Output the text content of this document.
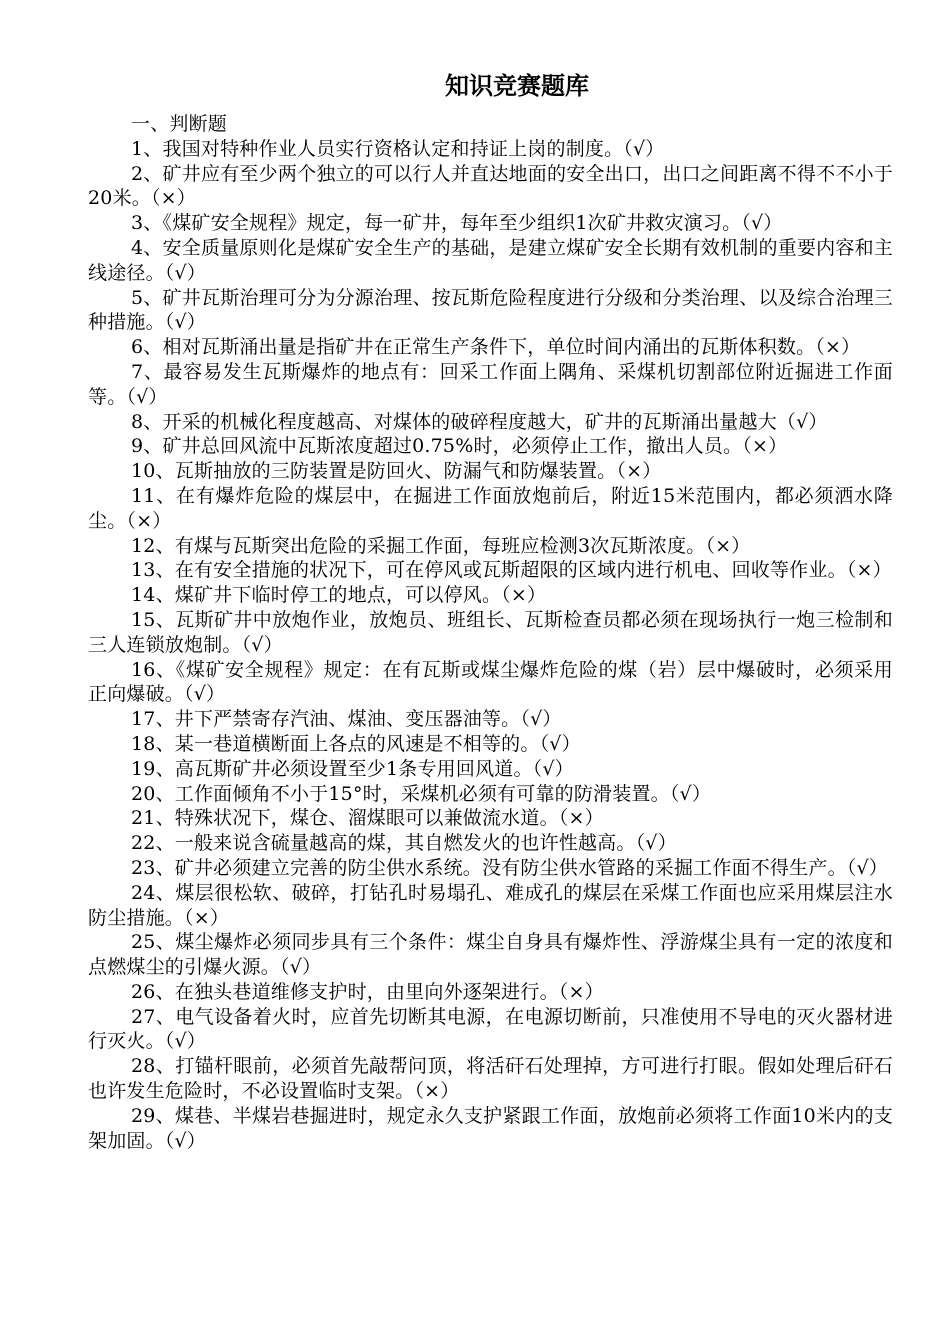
知识竞赛题库

一、判断题

1、我国对特种作业人员实行资格认定和持证上岗的制度。（√）

2、矿井应有至少两个独立的可以行人并直达地面的安全出口，出口之间距离不得不不小于20米。（×）

3、《煤矿安全规程》规定，每一矿井，每年至少组织1次矿井救灾演习。（√）

4、安全质量原则化是煤矿安全生产的基础，是建立煤矿安全长期有效机制的重要内容和主线途径。（√）

5、矿井瓦斯治理可分为分源治理、按瓦斯危险程度进行分级和分类治理、以及综合治理三种措施。（√）

6、相对瓦斯涌出量是指矿井在正常生产条件下，单位时间内涌出的瓦斯体积数。（×）

7、最容易发生瓦斯爆炸的地点有：回采工作面上隅角、采煤机切割部位附近掘进工作面等。（√）

8、开采的机械化程度越高、对煤体的破碎程度越大，矿井的瓦斯涌出量越大（√）

9、矿井总回风流中瓦斯浓度超过0.75%时，必须停止工作，撤出人员。（×）

10、瓦斯抽放的三防装置是防回火、防漏气和防爆装置。（×）

11、在有爆炸危险的煤层中，在掘进工作面放炮前后，附近15米范围内，都必须洒水降尘。（×）

12、有煤与瓦斯突出危险的采掘工作面，每班应检测3次瓦斯浓度。（×）

13、在有安全措施的状况下，可在停风或瓦斯超限的区域内进行机电、回收等作业。（×）

14、煤矿井下临时停工的地点，可以停风。（×）

15、瓦斯矿井中放炮作业，放炮员、班组长、瓦斯检查员都必须在现场执行一炮三检制和三人连锁放炮制。（√）

16、《煤矿安全规程》规定：在有瓦斯或煤尘爆炸危险的煤（岩）层中爆破时，必须采用正向爆破。（√）

17、井下严禁寄存汽油、煤油、变压器油等。（√）

18、某一巷道横断面上各点的风速是不相等的。（√）

19、高瓦斯矿井必须设置至少1条专用回风道。（√）

20、工作面倾角不小于15°时，采煤机必须有可靠的防滑装置。（√）

21、特殊状况下，煤仓、溜煤眼可以兼做流水道。（×）

22、一般来说含硫量越高的煤，其自燃发火的也许性越高。（√）

23、矿井必须建立完善的防尘供水系统。没有防尘供水管路的采掘工作面不得生产。（√）

24、煤层很松软、破碎，打钻孔时易塌孔、难成孔的煤层在采煤工作面也应采用煤层注水防尘措施。（×）

25、煤尘爆炸必须同步具有三个条件：煤尘自身具有爆炸性、浮游煤尘具有一定的浓度和点燃煤尘的引爆火源。（√）

26、在独头巷道维修支护时，由里向外逐架进行。（×）

27、电气设备着火时，应首先切断其电源，在电源切断前，只准使用不导电的灭火器材进行灭火。（√）

28、打锚杆眼前，必须首先敲帮问顶，将活矸石处理掉，方可进行打眼。假如处理后矸石也许发生危险时，不必设置临时支架。（×）

29、煤巷、半煤岩巷掘进时，规定永久支护紧跟工作面，放炮前必须将工作面10米内的支架加固。（√）
